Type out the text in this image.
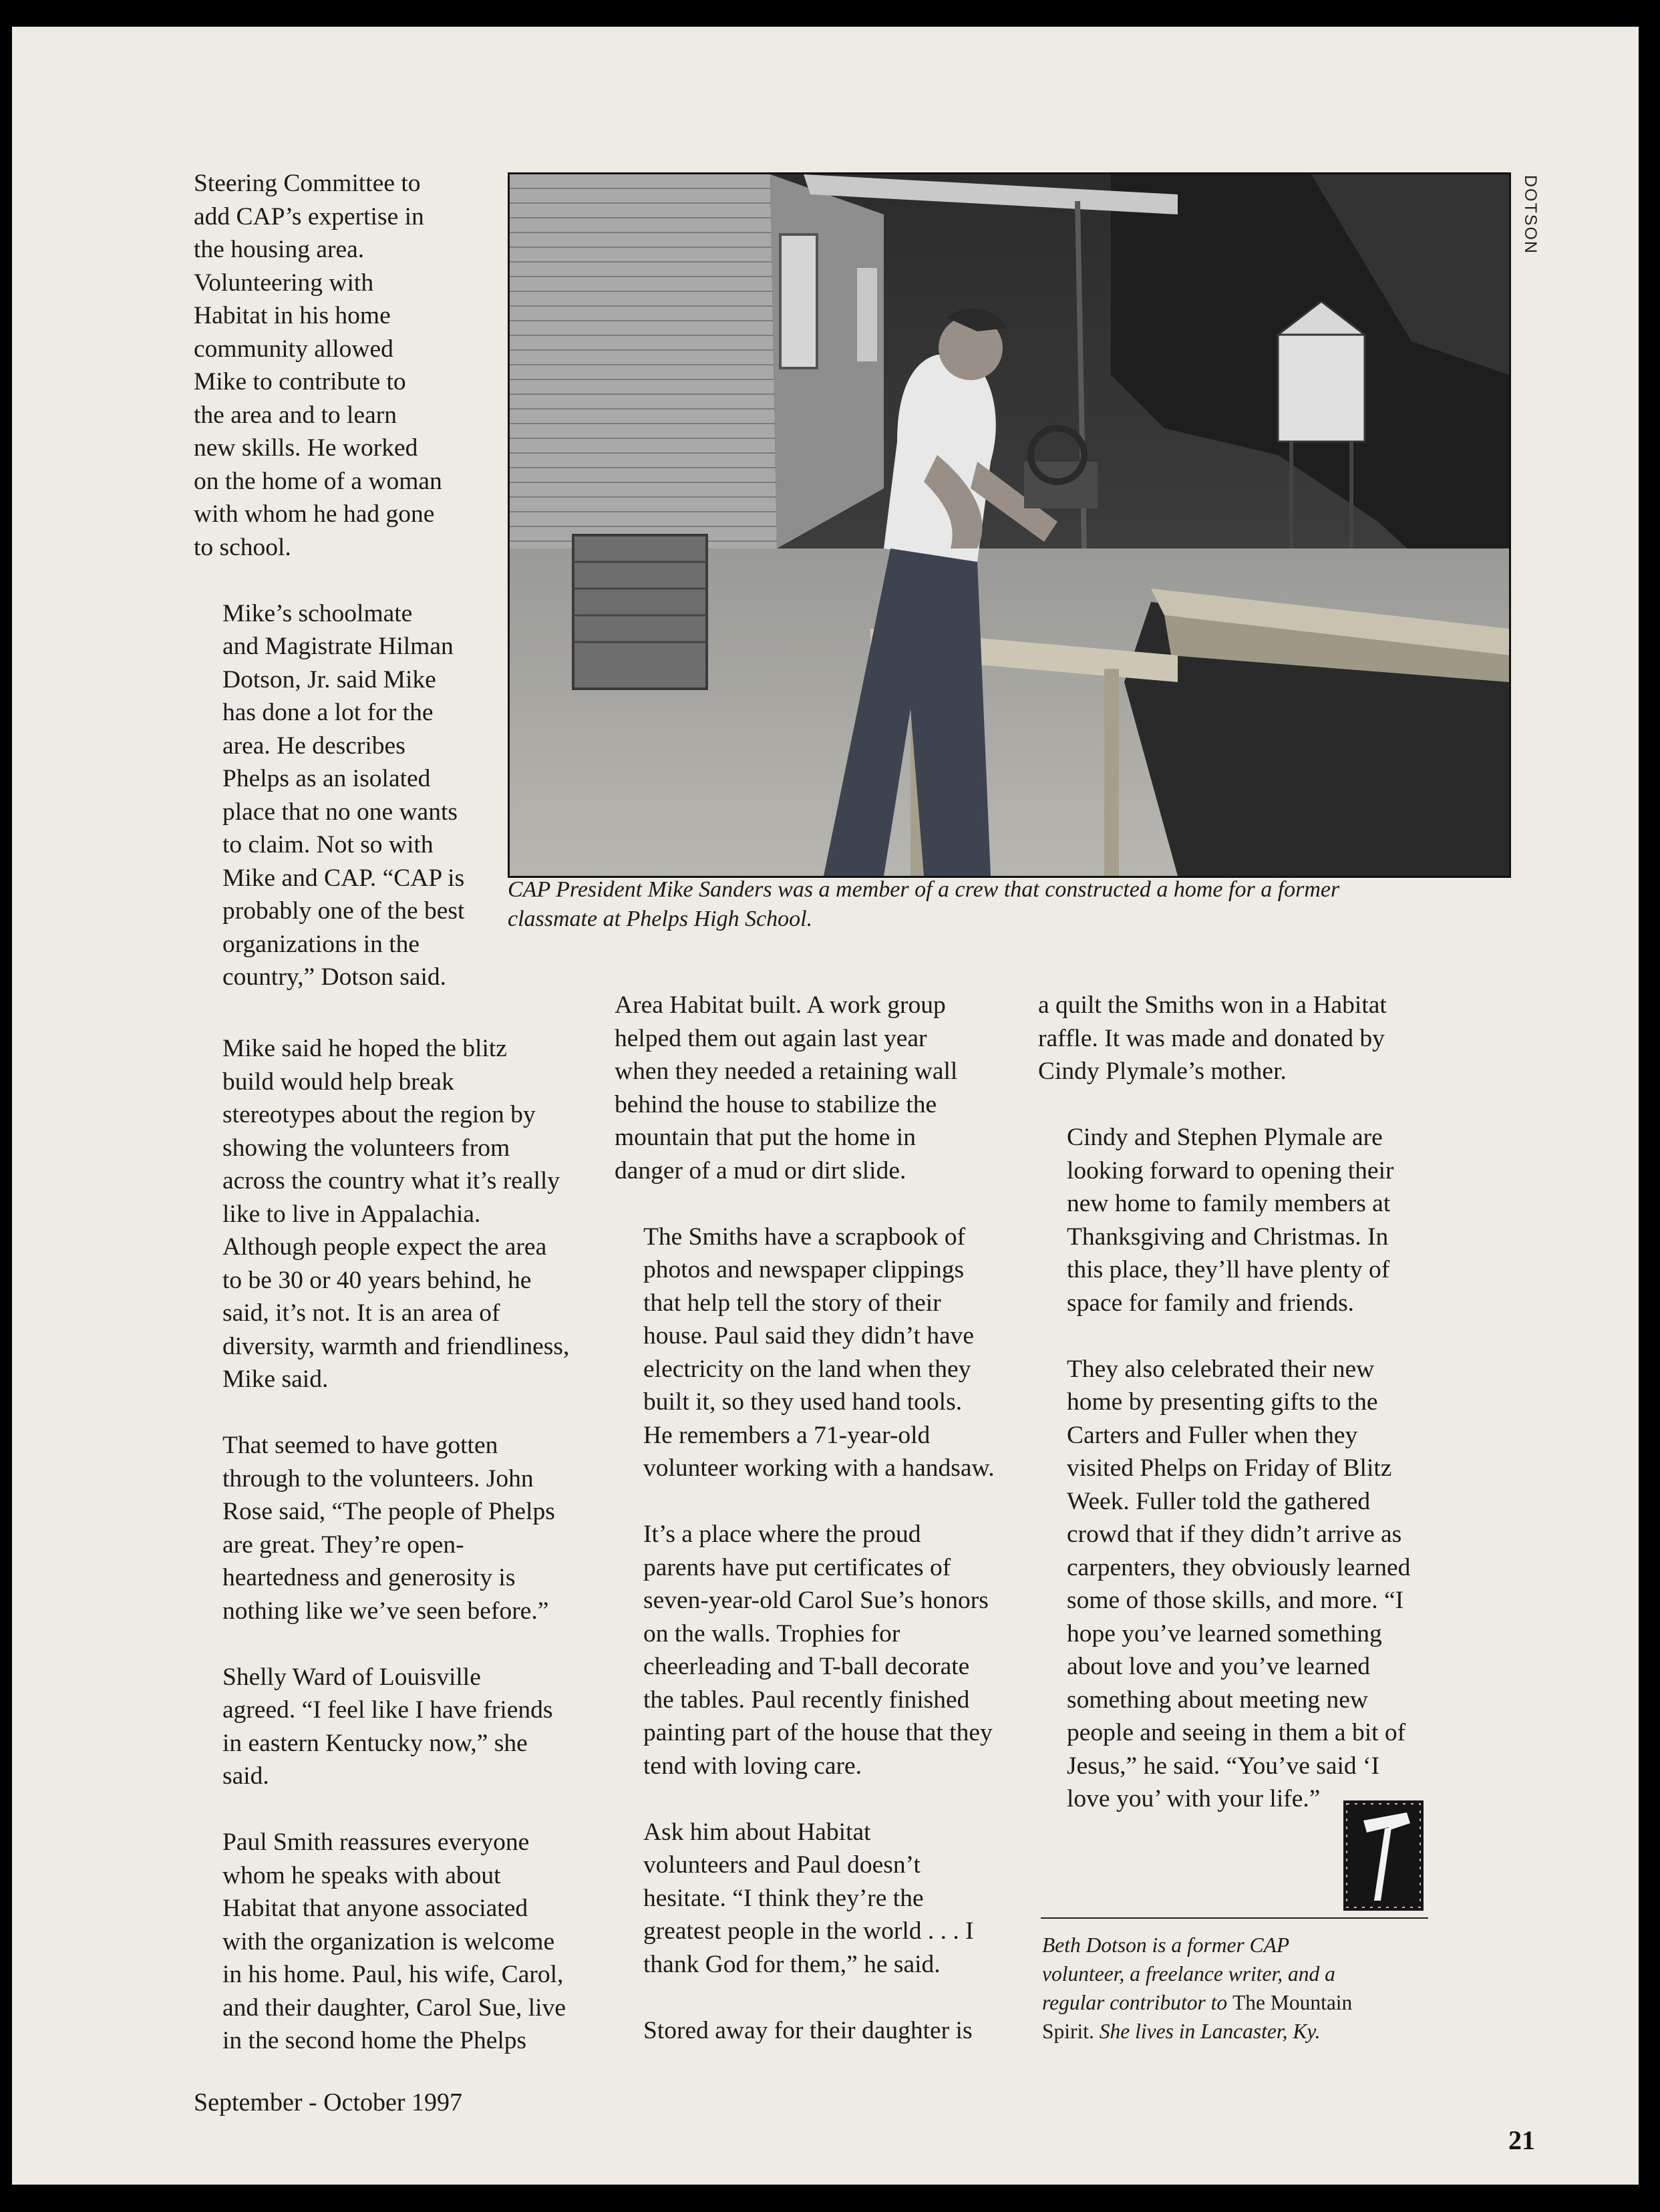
Steering Committee to
add CAP’s expertise in
the housing area.
Volunteering with
Habitat in his home
community allowed
Mike to contribute to
the area and to learn
new skills. He worked
on the home of a woman
with whom he had gone
to school.

Mike’s schoolmate
and Magistrate Hilman
Dotson, Jr. said Mike
has done a lot for the
area. He describes
Phelps as an isolated
place that no one wants
to claim. Not so with
Mike and CAP. “CAP is
probably one of the best
organizations in the
country,” Dotson said.

DOTSON
CAP President Mike Sanders was a member of a crew that constructed a home for a former
classmate at Phelps High School.

Mike said he hoped the blitz
build would help break
stereotypes about the region by
showing the volunteers from
across the country what it’s really
like to live in Appalachia.
Although people expect the area
to be 30 or 40 years behind, he
said, it’s not. It is an area of
diversity, warmth and friendliness,
Mike said.

That seemed to have gotten
through to the volunteers. John
Rose said, “The people of Phelps
are great. They’re open-
heartedness and generosity is
nothing like we’ve seen before.”

Shelly Ward of Louisville
agreed. “I feel like I have friends
in eastern Kentucky now,” she
said.

Paul Smith reassures everyone
whom he speaks with about
Habitat that anyone associated
with the organization is welcome
in his home. Paul, his wife, Carol,
and their daughter, Carol Sue, live
in the second home the Phelps

Area Habitat built. A work group
helped them out again last year
when they needed a retaining wall
behind the house to stabilize the
mountain that put the home in
danger of a mud or dirt slide.

The Smiths have a scrapbook of
photos and newspaper clippings
that help tell the story of their
house. Paul said they didn’t have
electricity on the land when they
built it, so they used hand tools.
He remembers a 71-year-old
volunteer working with a handsaw.

It’s a place where the proud
parents have put certificates of
seven-year-old Carol Sue’s honors
on the walls. Trophies for
cheerleading and T-ball decorate
the tables. Paul recently finished
painting part of the house that they
tend with loving care.

Ask him about Habitat
volunteers and Paul doesn’t
hesitate. “I think they’re the
greatest people in the world . . . I
thank God for them,” he said.

Stored away for their daughter is

a quilt the Smiths won in a Habitat
raffle. It was made and donated by
Cindy Plymale’s mother.

Cindy and Stephen Plymale are
looking forward to opening their
new home to family members at
Thanksgiving and Christmas. In
this place, they’ll have plenty of
space for family and friends.

They also celebrated their new
home by presenting gifts to the
Carters and Fuller when they
visited Phelps on Friday of Blitz
Week. Fuller told the gathered
crowd that if they didn’t arrive as
carpenters, they obviously learned
some of those skills, and more. “I
hope you’ve learned something
about love and you’ve learned
something about meeting new
people and seeing in them a bit of
Jesus,” he said. “You’ve said ‘I
love you’ with your life.”

Beth Dotson is a former CAP
volunteer, a freelance writer, and a
regular contributor to The Mountain
Spirit. She lives in Lancaster, Ky.
September - October 1997
21
